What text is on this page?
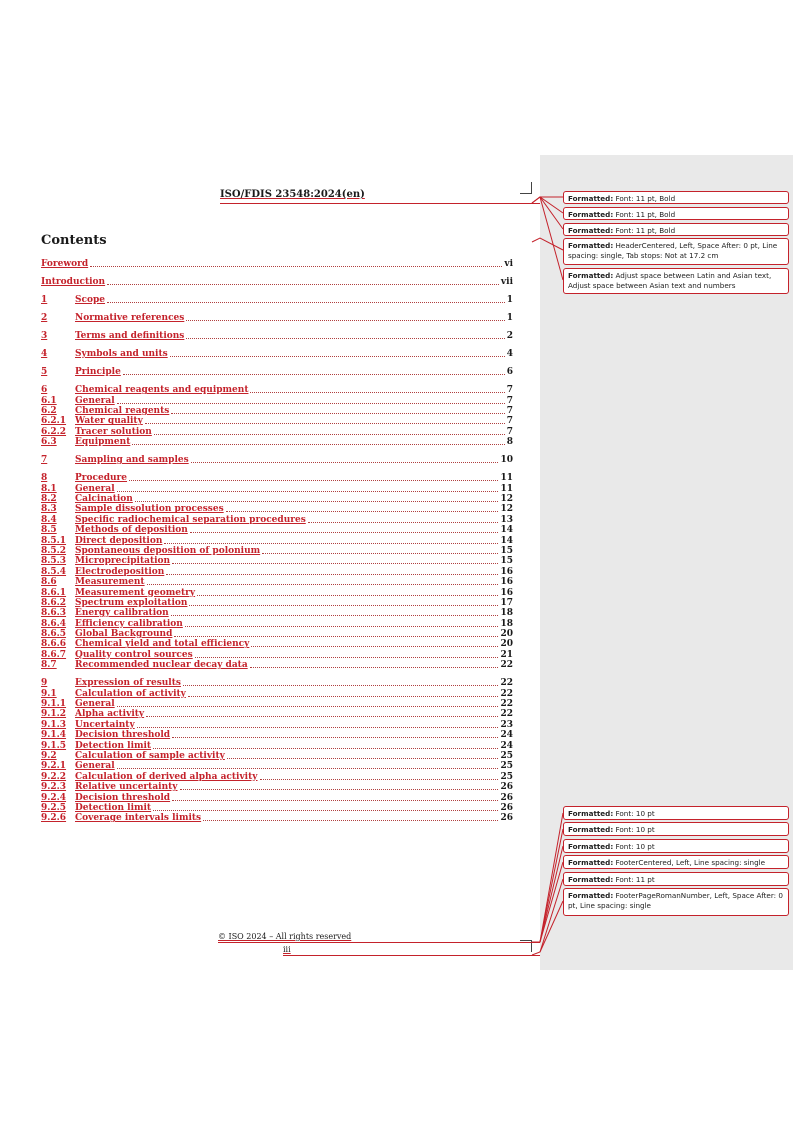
ISO/FDIS 23548:2024(en)
Contents
Foreword	vi
Introduction	vii
1	Scope	1
2	Normative references	1
3	Terms and definitions	2
4	Symbols and units	4
5	Principle	6
6	Chemical reagents and equipment	7
6.1	General	7
6.2	Chemical reagents	7
6.2.1 Water quality	7
6.2.2 Tracer solution	7
6.3	Equipment	8
7	Sampling and samples	10
8	Procedure	11
8.1	General	11
8.2	Calcination	12
8.3	Sample dissolution processes	12
8.4	Specific radiochemical separation procedures	13
8.5	Methods of deposition	14
8.5.1 Direct deposition	14
8.5.2 Spontaneous deposition of polonium	15
8.5.3 Microprecipitation	15
8.5.4 Electrodeposition	16
8.6	Measurement	16
8.6.1 Measurement geometry	16
8.6.2 Spectrum exploitation	17
8.6.3 Energy calibration	18
8.6.4 Efficiency calibration	18
8.6.5 Global Background	20
8.6.6 Chemical yield and total efficiency	20
8.6.7 Quality control sources	21
8.7	Recommended nuclear decay data	22
9	Expression of results	22
9.1	Calculation of activity	22
9.1.1 General	22
9.1.2 Alpha activity	22
9.1.3 Uncertainty	23
9.1.4 Decision threshold	24
9.1.5 Detection limit	24
9.2	Calculation of sample activity	25
9.2.1 General	25
9.2.2 Calculation of derived alpha activity	25
9.2.3 Relative uncertainty	26
9.2.4 Decision threshold	26
9.2.5 Detection limit	26
9.2.6 Coverage intervals limits	26
© ISO 2024 – All rights reserved
iii
Formatted: Font: 11 pt, Bold
Formatted: Font: 11 pt, Bold
Formatted: Font: 11 pt, Bold
Formatted: HeaderCentered, Left, Space After: 0 pt, Line spacing: single, Tab stops: Not at 17.2 cm
Formatted: Adjust space between Latin and Asian text, Adjust space between Asian text and numbers
Formatted: Font: 10 pt
Formatted: Font: 10 pt
Formatted: Font: 10 pt
Formatted: FooterCentered, Left, Line spacing: single
Formatted: Font: 11 pt
Formatted: FooterPageRomanNumber, Left, Space After: 0 pt, Line spacing: single
